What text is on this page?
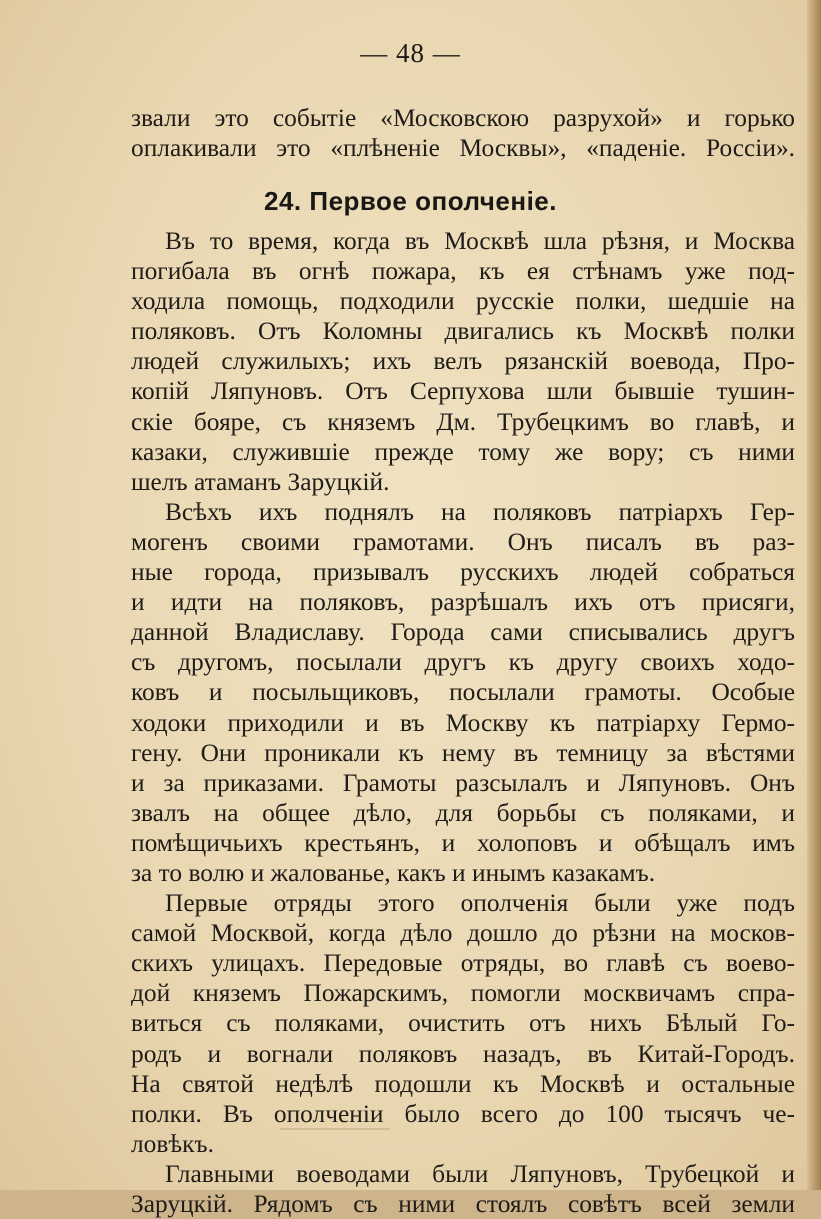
— 48 —
звали это событіе «Московскою разрухой» и горько
оплакивали это «плѣненіе Москвы», «паденіе. Россіи».
24. Первое ополченіе.
Въ то время, когда въ Москвѣ шла рѣзня, и Москва
погибала въ огнѣ пожара, къ ея стѣнамъ уже под-
ходила помощь, подходили русскіе полки, шедшіе на
поляковъ. Отъ Коломны двигались къ Москвѣ полки
людей служилыхъ; ихъ велъ рязанскій воевода, Про-
копій Ляпуновъ. Отъ Серпухова шли бывшіе тушин-
скіе бояре, съ княземъ Дм. Трубецкимъ во главѣ, и
казаки, служившіе прежде тому же вору; съ ними
шелъ атаманъ Заруцкій.
Всѣхъ ихъ поднялъ на поляковъ патріархъ Гер-
могенъ своими грамотами. Онъ писалъ въ раз-
ные города, призывалъ русскихъ людей собраться
и идти на поляковъ, разрѣшалъ ихъ отъ присяги,
данной Владиславу. Города сами списывались другъ
съ другомъ, посылали другъ къ другу своихъ ходо-
ковъ и посыльщиковъ, посылали грамоты. Особые
ходоки приходили и въ Москву къ патріарху Гермо-
гену. Они проникали къ нему въ темницу за вѣстями
и за приказами. Грамоты разсылалъ и Ляпуновъ. Онъ
звалъ на общее дѣло, для борьбы съ поляками, и
помѣщичьихъ крестьянъ, и холоповъ и обѣщалъ имъ
за то волю и жалованье, какъ и инымъ казакамъ.
Первые отряды этого ополченія были уже подъ
самой Москвой, когда дѣло дошло до рѣзни на москов-
скихъ улицахъ. Передовые отряды, во главѣ съ воево-
дой княземъ Пожарскимъ, помогли москвичамъ спра-
виться съ поляками, очистить отъ нихъ Бѣлый Го-
родъ и вогнали поляковъ назадъ, въ Китай-Городъ.
На святой недѣлѣ подошли къ Москвѣ и остальные
полки. Въ ополченіи было всего до 100 тысячъ че-
ловѣкъ.
Главными воеводами были Ляпуновъ, Трубецкой и
Заруцкій. Рядомъ съ ними стоялъ совѣтъ всей земли
